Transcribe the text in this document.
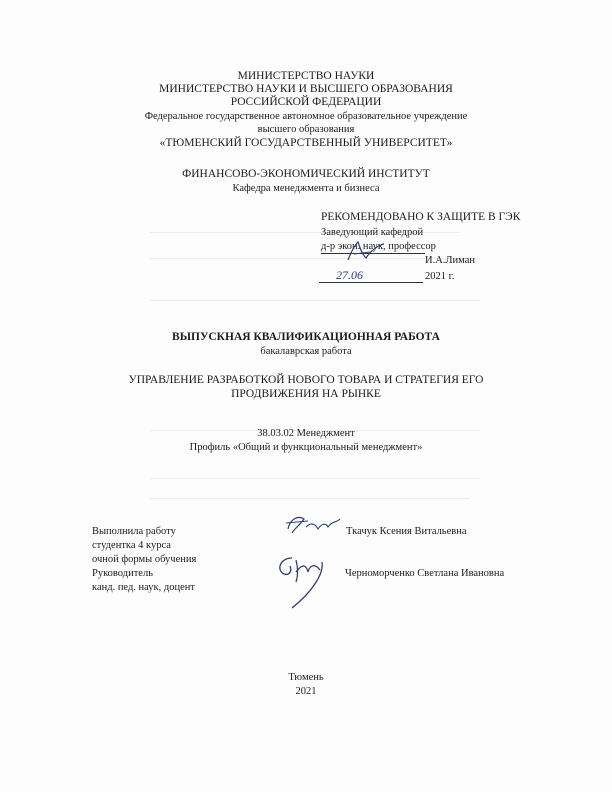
МИНИСТЕРСТВО НАУКИ
МИНИСТЕРСТВО НАУКИ И ВЫСШЕГО ОБРАЗОВАНИЯ
РОССИЙСКОЙ ФЕДЕРАЦИИ
Федеральное государственное автономное образовательное учреждение
высшего образования
«ТЮМЕНСКИЙ ГОСУДАРСТВЕННЫЙ УНИВЕРСИТЕТ»
ФИНАНСОВО-ЭКОНОМИЧЕСКИЙ ИНСТИТУТ
Кафедра менеджмента и бизнеса
РЕКОМЕНДОВАНО К ЗАЩИТЕ В ГЭК
Заведующий кафедрой
д-р экон. наук, профессор
И.А.Лиман
27.06	2021 г.
ВЫПУСКНАЯ КВАЛИФИКАЦИОННАЯ РАБОТА
бакалаврская работа
УПРАВЛЕНИЕ РАЗРАБОТКОЙ НОВОГО ТОВАРА И СТРАТЕГИЯ ЕГО
ПРОДВИЖЕНИЯ НА РЫНКЕ
38.03.02 Менеджмент
Профиль «Общий и функциональный менеджмент»
Выполнила работу
студентка 4 курса
очной формы обучения
Ткачук Ксения Витальевна
Руководитель
канд. пед. наук, доцент
Черноморченко Светлана Ивановна
Тюмень
2021
